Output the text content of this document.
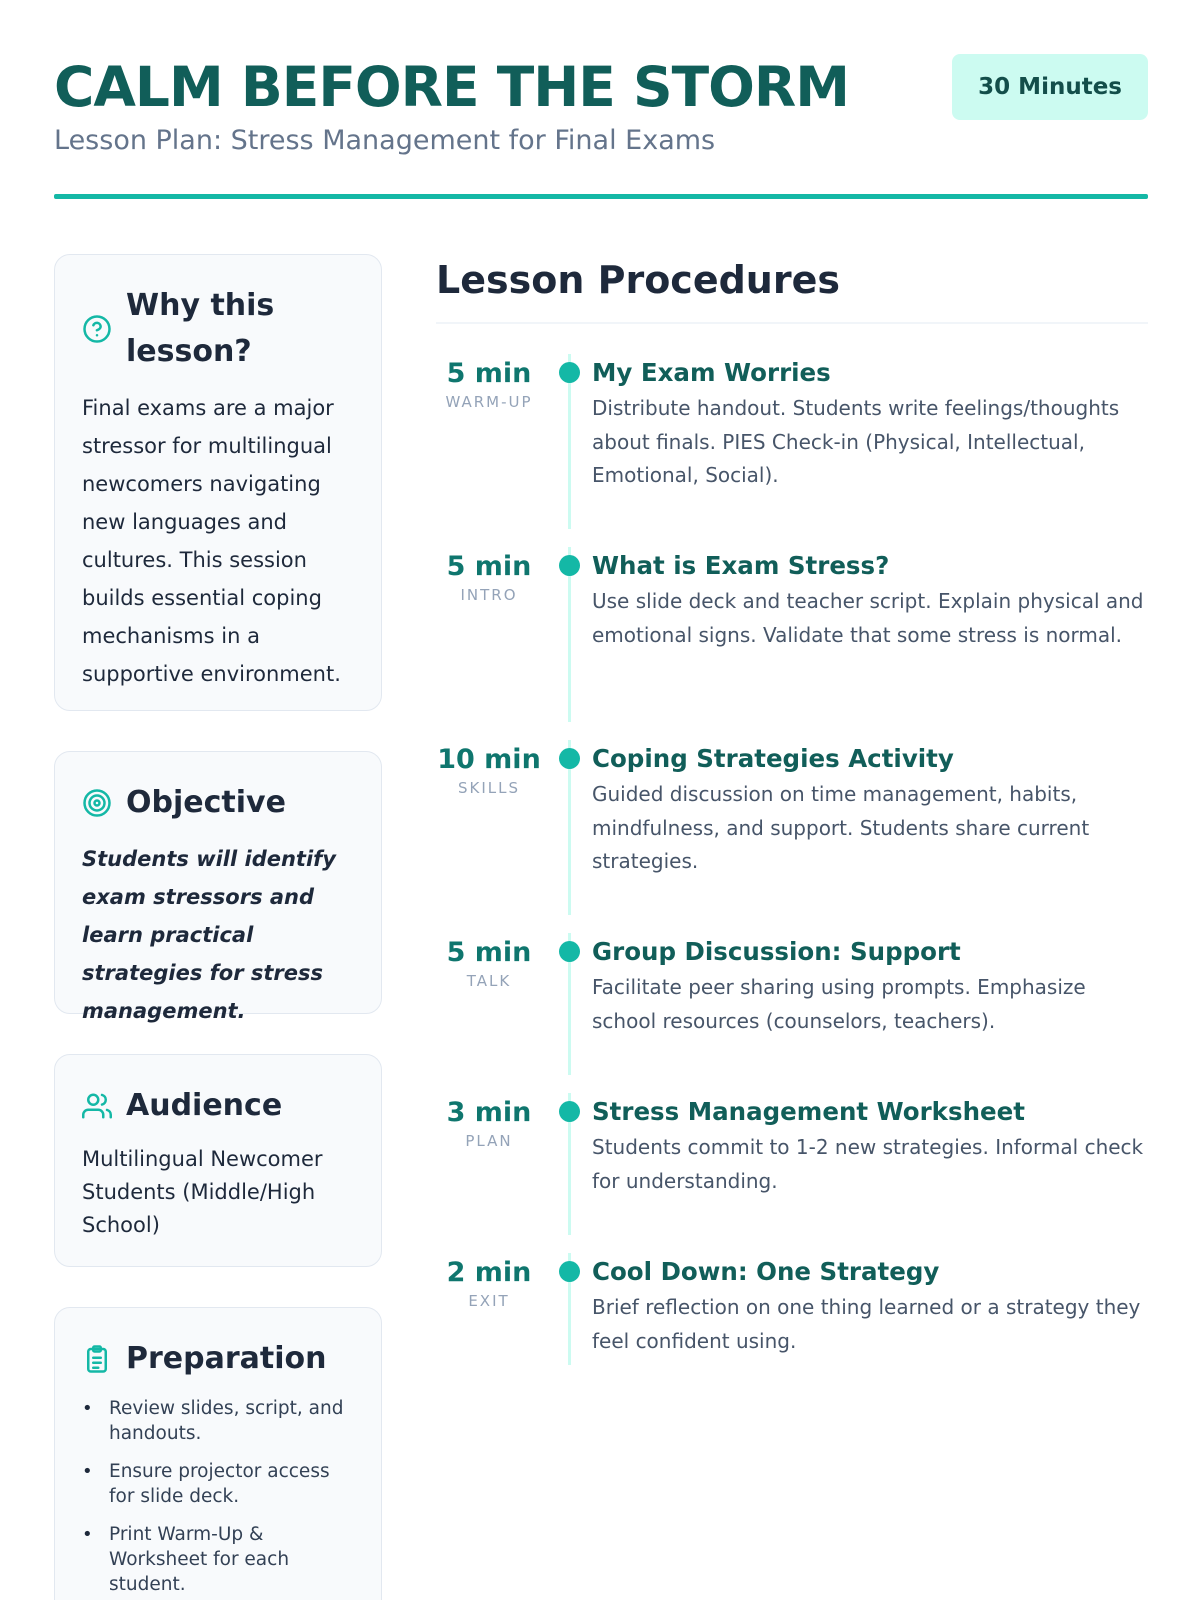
CALM BEFORE THE STORM
Lesson Plan: Stress Management for Final Exams
30 Minutes
Why this lesson?
Final exams are a major stressor for multilingual newcomers navigating new languages and cultures. This session builds essential coping mechanisms in a supportive environment.
Objective
Students will identify exam stressors and learn practical strategies for stress management.
Audience
Multilingual Newcomer Students (Middle/High School)
Preparation
• Review slides, script, and handouts.
• Ensure projector access for slide deck.
• Print Warm-Up & Worksheet for each student.
Lesson Procedures
5 min
WARM-UP
My Exam Worries
Distribute handout. Students write feelings/thoughts about finals. PIES Check-in (Physical, Intellectual, Emotional, Social).
5 min
INTRO
What is Exam Stress?
Use slide deck and teacher script. Explain physical and emotional signs. Validate that some stress is normal.
10 min
SKILLS
Coping Strategies Activity
Guided discussion on time management, habits, mindfulness, and support. Students share current strategies.
5 min
TALK
Group Discussion: Support
Facilitate peer sharing using prompts. Emphasize school resources (counselors, teachers).
3 min
PLAN
Stress Management Worksheet
Students commit to 1-2 new strategies. Informal check for understanding.
2 min
EXIT
Cool Down: One Strategy
Brief reflection on one thing learned or a strategy they feel confident using.
